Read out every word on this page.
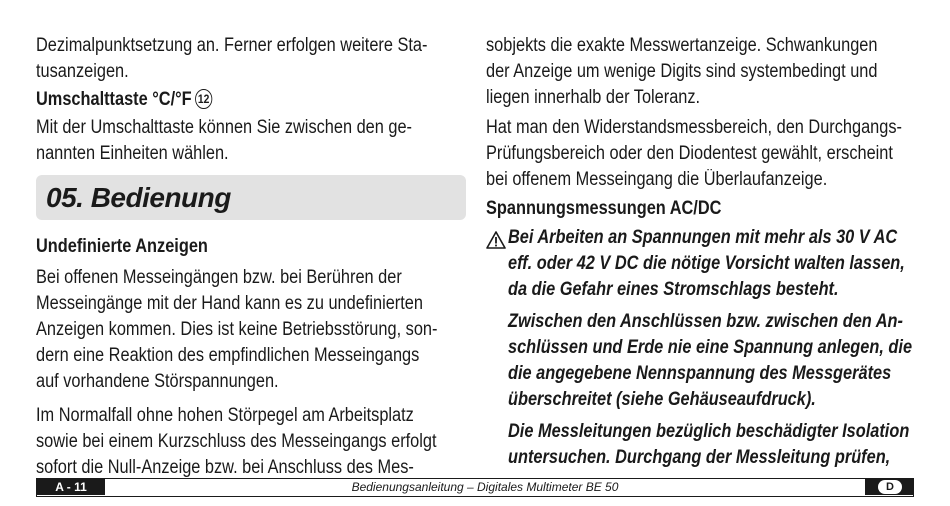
Dezimalpunktsetzung an. Ferner erfolgen weitere Sta-

tusanzeigen.

Umschalttaste °C/°F 12

Mit der Umschalttaste können Sie zwischen den ge-

nannten Einheiten wählen.

05. Bedienung

Undefinierte Anzeigen

Bei offenen Messeingängen bzw. bei Berühren der

Messeingänge mit der Hand kann es zu undefinierten

Anzeigen kommen. Dies ist keine Betriebsstörung, son-

dern eine Reaktion des empfindlichen Messeingangs

auf vorhandene Störspannungen.

Im Normalfall ohne hohen Störpegel am Arbeitsplatz

sowie bei einem Kurzschluss des Messeingangs erfolgt

sofort die Null-Anzeige bzw. bei Anschluss des Mes-

sobjekts die exakte Messwertanzeige. Schwankungen

der Anzeige um wenige Digits sind systembedingt und

liegen innerhalb der Toleranz.

Hat man den Widerstandsmessbereich, den Durchgangs-

Prüfungsbereich oder den Diodentest gewählt, erscheint

bei offenem Messeingang die Überlaufanzeige.

Spannungsmessungen AC/DC

Bei Arbeiten an Spannungen mit mehr als 30 V AC

eff. oder 42 V DC die nötige Vorsicht walten lassen,

da die Gefahr eines Stromschlags besteht.

Zwischen den Anschlüssen bzw. zwischen den An-

schlüssen und Erde nie eine Spannung anlegen, die

die angegebene Nennspannung des Messgerätes

überschreitet (siehe Gehäuseaufdruck).

Die Messleitungen bezüglich beschädigter Isolation

untersuchen. Durchgang der Messleitung prüfen,

A - 11	Bedienungsanleitung – Digitales Multimeter BE 50	D
